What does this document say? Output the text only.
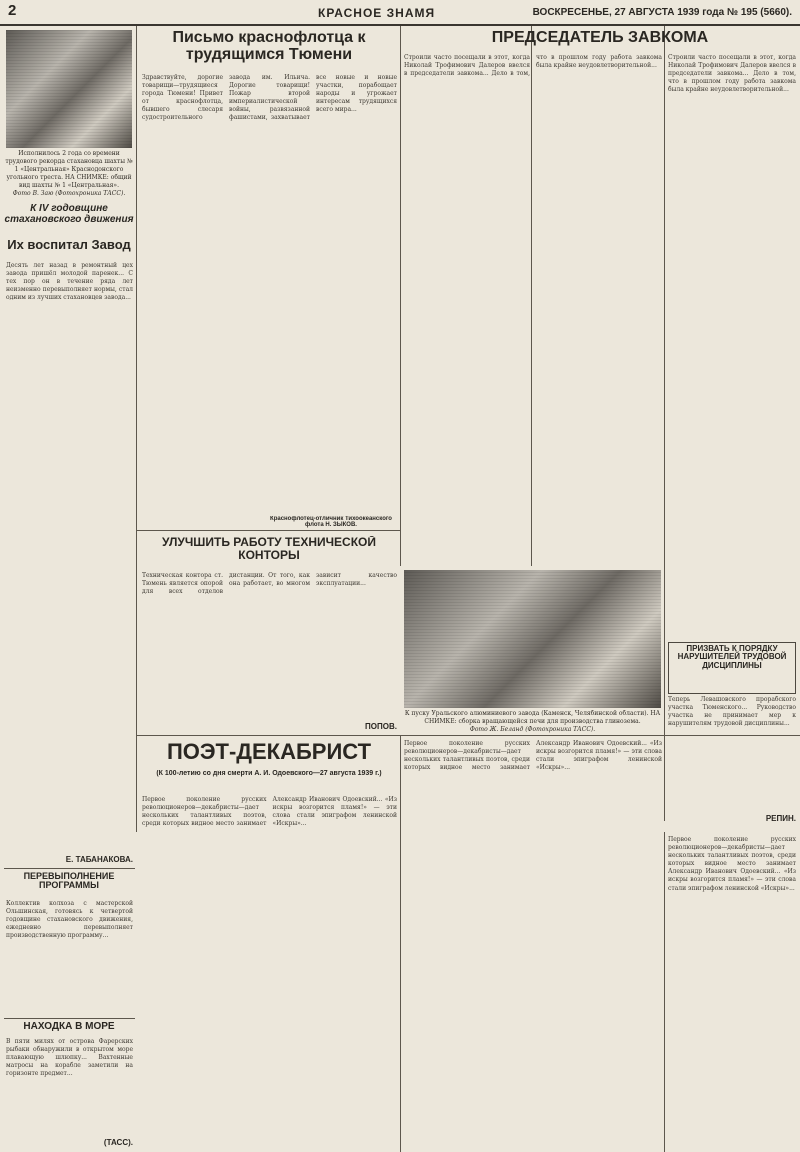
2	КРАСНОЕ ЗНАМЯ	ВОСКРЕСЕНЬЕ, 27 АВГУСТА 1939 года № 195 (5660).
Исполнилось 2 года со времени трудового рекорда стахановца шахты № 1 «Центральная» Краснодонского угольного треста. НА СНИМКЕ: общий вид шахты № 1 «Центральная».
Фото В. Заю (Фотохроника ТАСС).
К IV годовщине стахановского движения
Их воспитал Завод
Десять лет назад в ремонтный цех завода пришёл молодой паренек... С тех пор он в течение ряда лет неизменно перевыполняет нормы, стал одним из лучших стахановцев завода...
Е. ТАБАНАКОВА.
ПЕРЕВЫПОЛНЕНИЕ ПРОГРАММЫ
Коллектив колхоза с мастерской Ольшинская, готовясь к четвертой годовщине стахановского движения, ежедневно перевыполняет производственную программу...
НАХОДКА В МОРЕ
В пяти милях от острова Фарерских рыбаки обнаружили в открытом море плавающую шлюпку... Вахтенные матросы на корабле заметили на горизонте предмет...
(ТАСС).
Письмо краснофлотца к трудящимся Тюмени
Здравствуйте, дорогие товарищи—трудящиеся города Тюмени! Привет от краснофлотца, бывшего слесаря судостроительного завода им. Ильича. Дорогие товарищи! Пожар второй империалистической войны, развязанной фашистами, захватывает все новые и новые участки, порабощает народы и угрожает интересам трудящихся всего мира...
Краснофлотец-отличник Тихоокеанского флота Н. ЗЫКОВ.
ПРЕДСЕДАТЕЛЬ ЗАВКОМА
Строили часто посещали в этот, когда Николай Трофимович Далеров ввелся в председатели завкома... Дело в том, что в прошлом году работа завкома была крайне неудовлетворительной...
Строили часто посещали в этот, когда Николай Трофимович Далеров ввелся в председатели завкома... Дело в том, что в прошлом году работа завкома была крайне неудовлетворительной...
ПРИЗВАТЬ К ПОРЯДКУ НАРУШИТЕЛЕЙ ТРУДОВОЙ ДИСЦИПЛИНЫ
Теперь Левашовского прорабского участка Тюменского... Руководство участка не принимает мер к нарушителям трудовой дисциплины...
РЕПИН.
УЛУЧШИТЬ РАБОТУ ТЕХНИЧЕСКОЙ КОНТОРЫ
Техническая контора ст. Тюмень является опорой для всех отделов дистанции. От того, как она работает, во многом зависит качество эксплуатации...
ПОПОВ.
К пуску Уральского алюминиевого завода (Каменск, Челябинской области). НА СНИМКЕ: сборка вращающейся печи для производства глинозема.
Фото Ж. Беланд (Фотохроника ТАСС).
ПОЭТ-ДЕКАБРИСТ
(К 100-летию со дня смерти А. И. Одоевского—27 августа 1939 г.)
Первое поколение русских революционеров—декабристы—дает нескольких талантливых поэтов, среди которых видное место занимает Александр Иванович Одоевский... «Из искры возгорится пламя!» — эти слова стали эпиграфом ленинской «Искры»...
Первое поколение русских революционеров—декабристы—дает нескольких талантливых поэтов, среди которых видное место занимает Александр Иванович Одоевский... «Из искры возгорится пламя!» — эти слова стали эпиграфом ленинской «Искры»...
Первое поколение русских революционеров—декабристы—дает нескольких талантливых поэтов, среди которых видное место занимает Александр Иванович Одоевский... «Из искры возгорится пламя!» — эти слова стали эпиграфом ленинской «Искры»...
